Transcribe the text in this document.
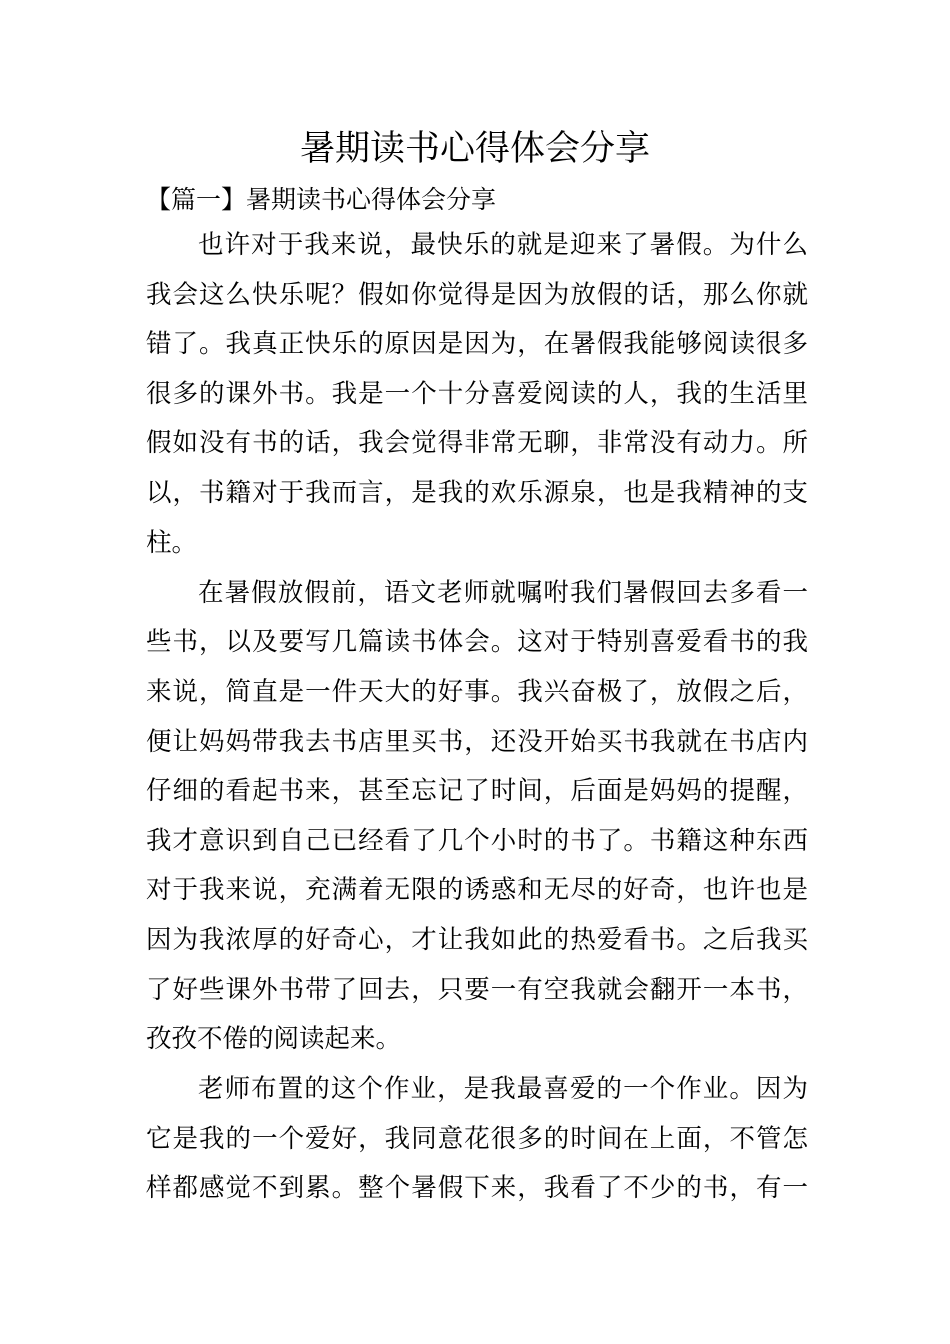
暑期读书心得体会分享

【篇一】暑期读书心得体会分享

也许对于我来说，最快乐的就是迎来了暑假。为什么

我会这么快乐呢？假如你觉得是因为放假的话，那么你就

错了。我真正快乐的原因是因为，在暑假我能够阅读很多

很多的课外书。我是一个十分喜爱阅读的人，我的生活里

假如没有书的话，我会觉得非常无聊，非常没有动力。所

以，书籍对于我而言，是我的欢乐源泉，也是我精神的支

柱。

在暑假放假前，语文老师就嘱咐我们暑假回去多看一

些书，以及要写几篇读书体会。这对于特别喜爱看书的我

来说，简直是一件天大的好事。我兴奋极了，放假之后，

便让妈妈带我去书店里买书，还没开始买书我就在书店内

仔细的看起书来，甚至忘记了时间，后面是妈妈的提醒，

我才意识到自己已经看了几个小时的书了。书籍这种东西

对于我来说，充满着无限的诱惑和无尽的好奇，也许也是

因为我浓厚的好奇心，才让我如此的热爱看书。之后我买

了好些课外书带了回去，只要一有空我就会翻开一本书，

孜孜不倦的阅读起来。

老师布置的这个作业，是我最喜爱的一个作业。因为

它是我的一个爱好，我同意花很多的时间在上面，不管怎

样都感觉不到累。整个暑假下来，我看了不少的书，有一
